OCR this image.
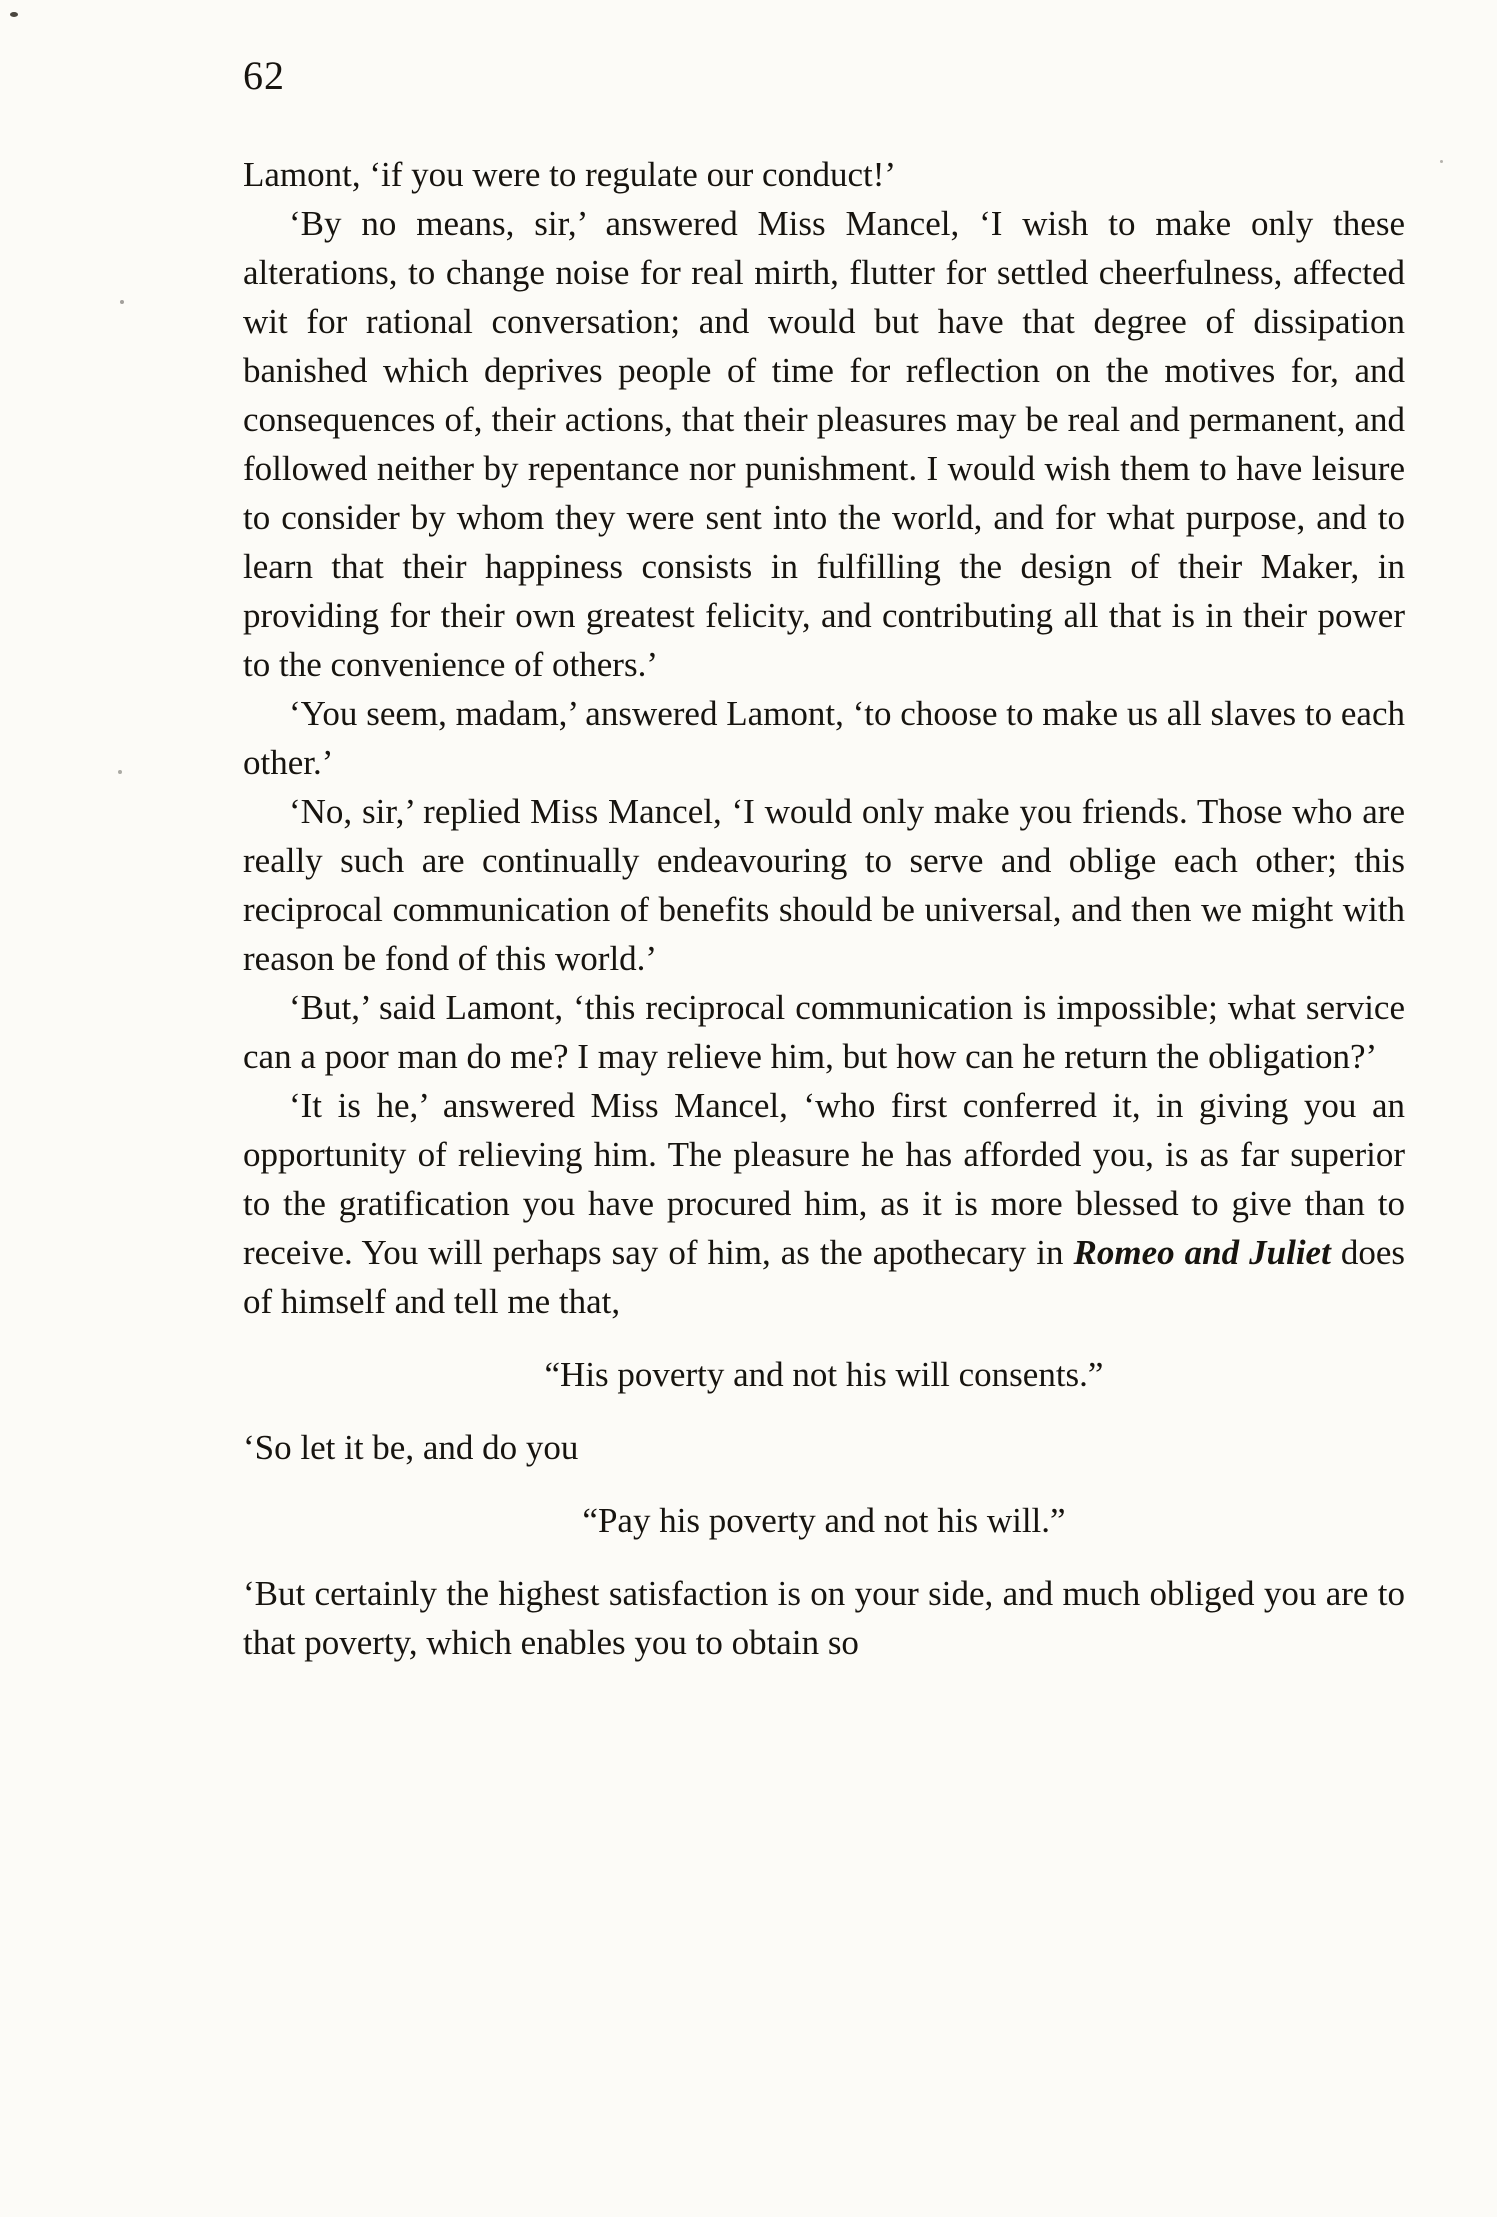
62

Lamont, ‘if you were to regulate our conduct!’

‘By no means, sir,’ answered Miss Mancel, ‘I wish to make only these alterations, to change noise for real mirth, flutter for settled cheerfulness, affected wit for rational conversation; and would but have that degree of dissipation banished which deprives people of time for reflection on the motives for, and consequences of, their actions, that their pleasures may be real and permanent, and followed neither by repentance nor punishment. I would wish them to have leisure to consider by whom they were sent into the world, and for what purpose, and to learn that their happiness consists in fulfilling the design of their Maker, in providing for their own greatest felicity, and contributing all that is in their power to the convenience of others.’

‘You seem, madam,’ answered Lamont, ‘to choose to make us all slaves to each other.’

‘No, sir,’ replied Miss Mancel, ‘I would only make you friends. Those who are really such are continually endeavouring to serve and oblige each other; this reciprocal communication of benefits should be universal, and then we might with reason be fond of this world.’

‘But,’ said Lamont, ‘this reciprocal communication is impossible; what service can a poor man do me? I may relieve him, but how can he return the obligation?’

‘It is he,’ answered Miss Mancel, ‘who first conferred it, in giving you an opportunity of relieving him. The pleasure he has afforded you, is as far superior to the gratification you have procured him, as it is more blessed to give than to receive. You will perhaps say of him, as the apothecary in Romeo and Juliet does of himself and tell me that,

“His poverty and not his will consents.”

‘So let it be, and do you

“Pay his poverty and not his will.”

‘But certainly the highest satisfaction is on your side, and much obliged you are to that poverty, which enables you to obtain so
